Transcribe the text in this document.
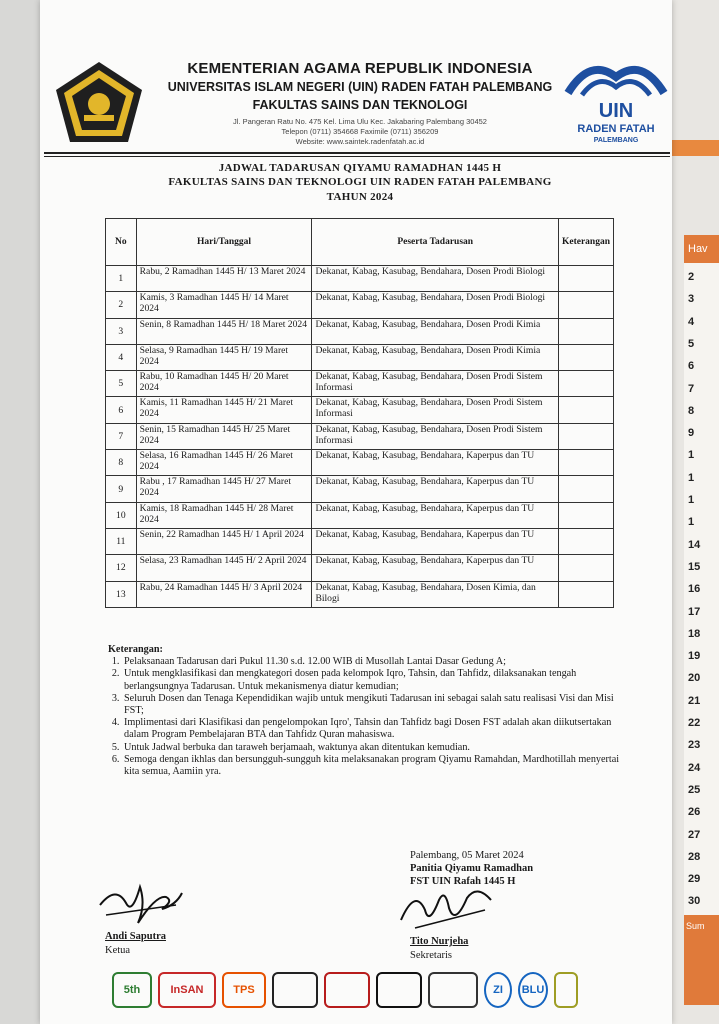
Hav
2
3
4
5
6
7
8
9
1
1
1
1
14
15
16
17
18
19
20
21
22
23
24
25
26
27
28
29
30
Sum
IKHLAS BERAMAL
UIN
RADEN FATAH
PALEMBANG
KEMENTERIAN AGAMA REPUBLIK INDONESIA
UNIVERSITAS ISLAM NEGERI (UIN) RADEN FATAH PALEMBANG
FAKULTAS SAINS DAN TEKNOLOGI
Jl. Pangeran Ratu No. 475 Kel. Lima Ulu Kec. Jakabaring Palembang 30452
Telepon (0711) 354668 Faximile (0711) 356209
Website: www.saintek.radenfatah.ac.id
JADWAL TADARUSAN QIYAMU RAMADHAN 1445 H
FAKULTAS SAINS DAN TEKNOLOGI UIN RADEN FATAH PALEMBANG
TAHUN 2024
No	Hari/Tanggal	Peserta Tadarusan	Keterangan
1	Rabu, 2 Ramadhan 1445 H/ 13 Maret 2024	Dekanat, Kabag, Kasubag, Bendahara, Dosen Prodi Biologi	
2	Kamis, 3 Ramadhan 1445 H/ 14 Maret 2024	Dekanat, Kabag, Kasubag, Bendahara, Dosen Prodi Biologi	
3	Senin, 8 Ramadhan 1445 H/ 18 Maret 2024	Dekanat, Kabag, Kasubag, Bendahara, Dosen Prodi Kimia	
4	Selasa, 9 Ramadhan 1445 H/ 19 Maret 2024	Dekanat, Kabag, Kasubag, Bendahara, Dosen Prodi Kimia	
5	Rabu, 10 Ramadhan 1445 H/ 20 Maret 2024	Dekanat, Kabag, Kasubag, Bendahara, Dosen Prodi Sistem Informasi	
6	Kamis, 11 Ramadhan 1445 H/ 21 Maret 2024	Dekanat, Kabag, Kasubag, Bendahara, Dosen Prodi Sistem Informasi	
7	Senin, 15 Ramadhan 1445 H/ 25 Maret 2024	Dekanat, Kabag, Kasubag, Bendahara, Dosen Prodi Sistem Informasi	
8	Selasa, 16 Ramadhan 1445 H/ 26 Maret 2024	Dekanat, Kabag, Kasubag, Bendahara, Kaperpus dan TU	
9	Rabu , 17 Ramadhan 1445 H/ 27 Maret 2024	Dekanat, Kabag, Kasubag, Bendahara, Kaperpus dan TU	
10	Kamis, 18 Ramadhan 1445 H/ 28 Maret 2024	Dekanat, Kabag, Kasubag, Bendahara, Kaperpus dan TU	
11	Senin, 22 Ramadhan 1445 H/ 1 April 2024	Dekanat, Kabag, Kasubag, Bendahara, Kaperpus dan TU	
12	Selasa, 23 Ramadhan 1445 H/ 2 April 2024	Dekanat, Kabag, Kasubag, Bendahara, Kaperpus dan TU	
13	Rabu, 24 Ramadhan 1445 H/ 3 April 2024	Dekanat, Kabag, Kasubag, Bendahara, Dosen Kimia, dan Bilogi	
Keterangan:
1. Pelaksanaan Tadarusan dari Pukul 11.30 s.d. 12.00 WIB di Musollah Lantai Dasar Gedung A;
2. Untuk mengklasifikasi dan mengkategori dosen pada kelompok Iqro, Tahsin, dan Tahfidz, dilaksanakan tengah berlangsungnya Tadarusan. Untuk mekanismenya diatur kemudian;
3. Seluruh Dosen dan Tenaga Kependidikan wajib untuk mengikuti Tadarusan ini sebagai salah satu realisasi Visi dan Misi FST;
4. Implimentasi dari Klasifikasi dan pengelompokan Iqro', Tahsin dan Tahfidz bagi Dosen FST adalah akan diikutsertakan dalam Program Pembelajaran BTA dan Tahfidz Quran mahasiswa.
5. Untuk Jadwal berbuka dan taraweh berjamaah, waktunya akan ditentukan kemudian.
6. Semoga dengan ikhlas dan bersungguh-sungguh kita melaksanakan program Qiyamu Ramahdan, Mardhotillah menyertai kita semua, Aamiin yra.
Palembang, 05 Maret 2024
Panitia Qiyamu Ramadhan
FST UIN Rafah 1445 H
Andi Saputra
Ketua
Tito Nurjeha
Sekretaris
5th	InSAN	TPS	ZI	BLU
